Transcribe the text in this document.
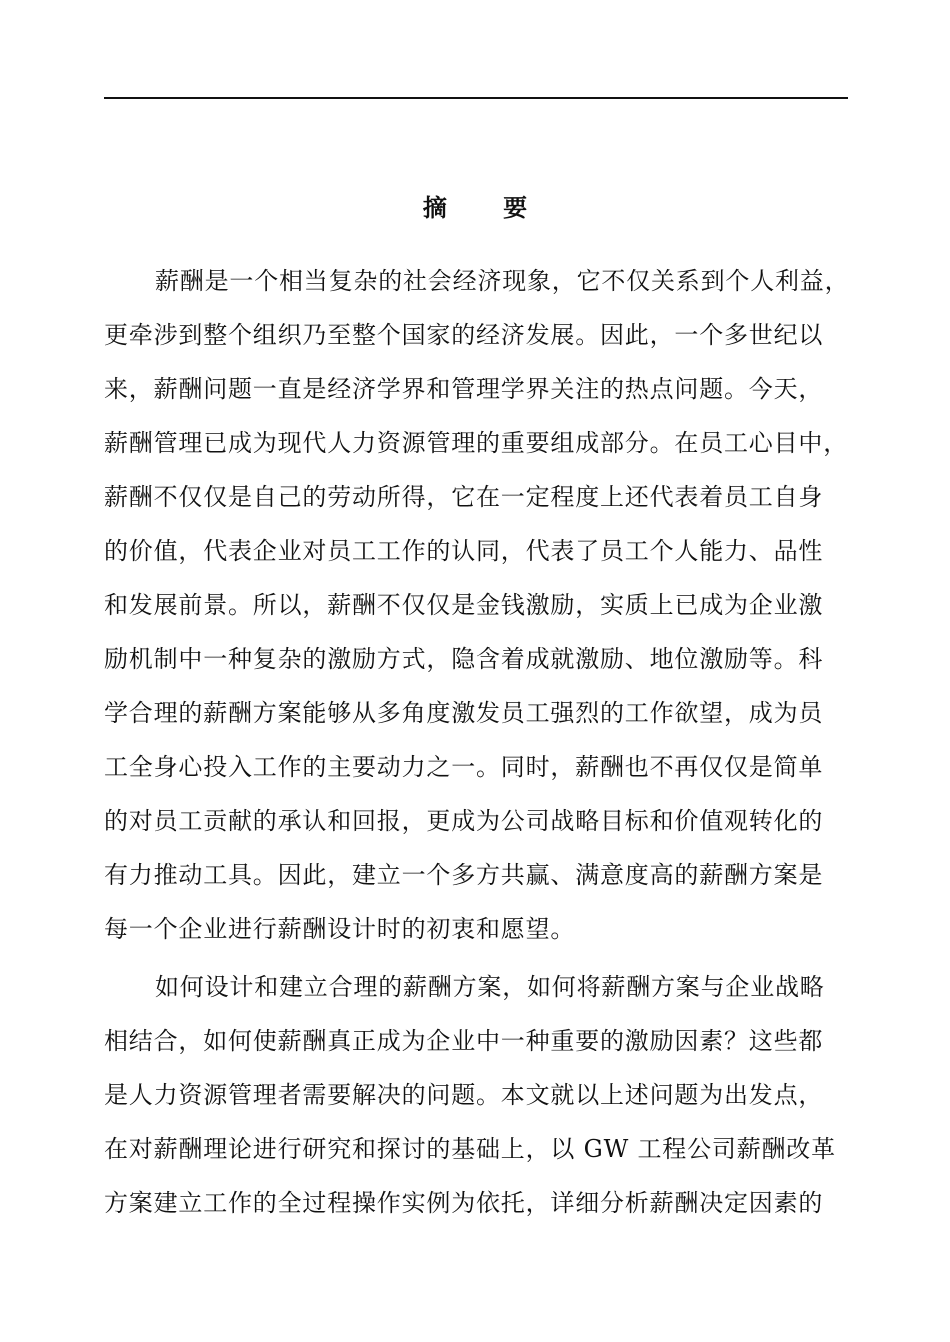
摘 要
薪酬是一个相当复杂的社会经济现象，它不仅关系到个人利益，
更牵涉到整个组织乃至整个国家的经济发展。因此，一个多世纪以
来，薪酬问题一直是经济学界和管理学界关注的热点问题。今天，
薪酬管理已成为现代人力资源管理的重要组成部分。在员工心目中，
薪酬不仅仅是自己的劳动所得，它在一定程度上还代表着员工自身
的价值，代表企业对员工工作的认同，代表了员工个人能力、品性
和发展前景。所以，薪酬不仅仅是金钱激励，实质上已成为企业激
励机制中一种复杂的激励方式，隐含着成就激励、地位激励等。科
学合理的薪酬方案能够从多角度激发员工强烈的工作欲望，成为员
工全身心投入工作的主要动力之一。同时，薪酬也不再仅仅是简单
的对员工贡献的承认和回报，更成为公司战略目标和价值观转化的
有力推动工具。因此，建立一个多方共赢、满意度高的薪酬方案是
每一个企业进行薪酬设计时的初衷和愿望。
如何设计和建立合理的薪酬方案，如何将薪酬方案与企业战略
相结合，如何使薪酬真正成为企业中一种重要的激励因素？这些都
是人力资源管理者需要解决的问题。本文就以上述问题为出发点，
在对薪酬理论进行研究和探讨的基础上，以 GW 工程公司薪酬改革
方案建立工作的全过程操作实例为依托，详细分析薪酬决定因素的
